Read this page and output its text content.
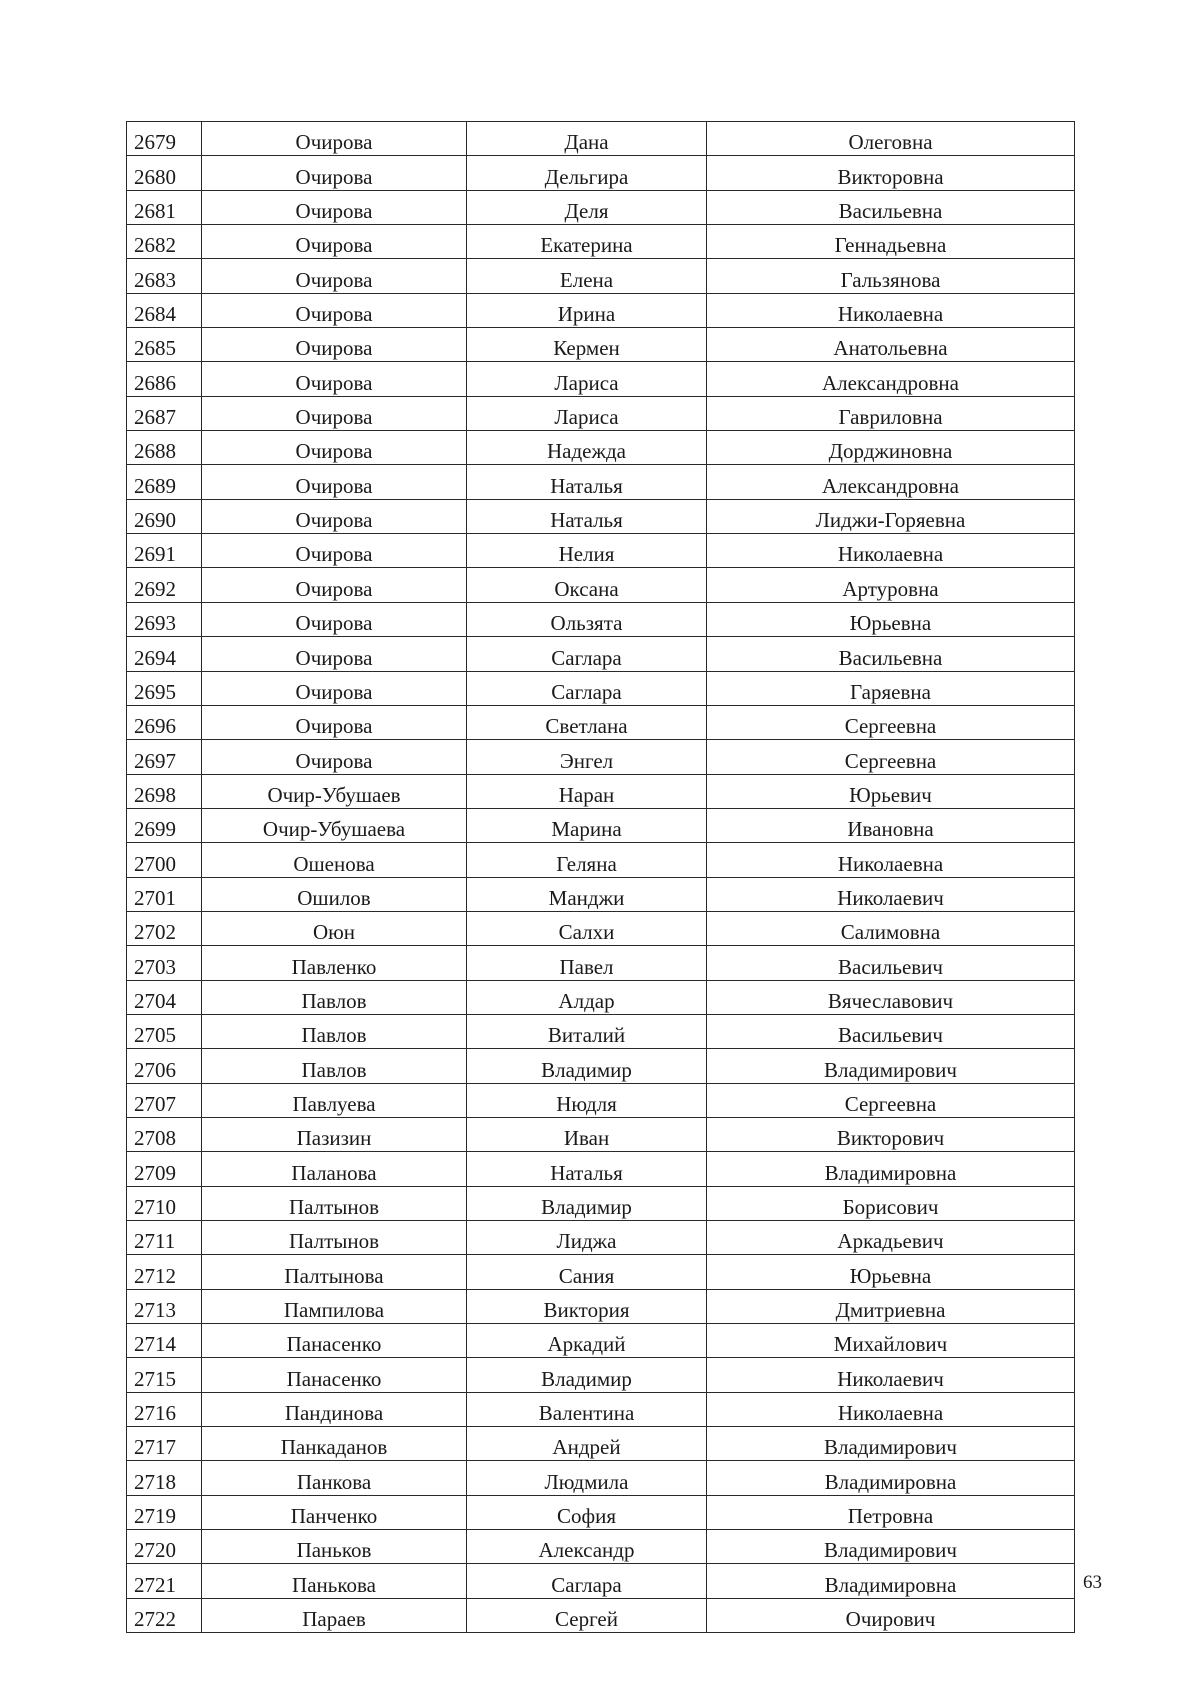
2679	Очирова	Дана	Олеговна
2680	Очирова	Дельгира	Викторовна
2681	Очирова	Деля	Васильевна
2682	Очирова	Екатерина	Геннадьевна
2683	Очирова	Елена	Гальзянова
2684	Очирова	Ирина	Николаевна
2685	Очирова	Кермен	Анатольевна
2686	Очирова	Лариса	Александровна
2687	Очирова	Лариса	Гавриловна
2688	Очирова	Надежда	Дорджиновна
2689	Очирова	Наталья	Александровна
2690	Очирова	Наталья	Лиджи-Горяевна
2691	Очирова	Нелия	Николаевна
2692	Очирова	Оксана	Артуровна
2693	Очирова	Ользята	Юрьевна
2694	Очирова	Саглара	Васильевна
2695	Очирова	Саглара	Гаряевна
2696	Очирова	Светлана	Сергеевна
2697	Очирова	Энгел	Сергеевна
2698	Очир-Убушаев	Наран	Юрьевич
2699	Очир-Убушаева	Марина	Ивановна
2700	Ошенова	Геляна	Николаевна
2701	Ошилов	Манджи	Николаевич
2702	Оюн	Салхи	Салимовна
2703	Павленко	Павел	Васильевич
2704	Павлов	Алдар	Вячеславович
2705	Павлов	Виталий	Васильевич
2706	Павлов	Владимир	Владимирович
2707	Павлуева	Нюдля	Сергеевна
2708	Пазизин	Иван	Викторович
2709	Паланова	Наталья	Владимировна
2710	Палтынов	Владимир	Борисович
2711	Палтынов	Лиджа	Аркадьевич
2712	Палтынова	Сания	Юрьевна
2713	Пампилова	Виктория	Дмитриевна
2714	Панасенко	Аркадий	Михайлович
2715	Панасенко	Владимир	Николаевич
2716	Пандинова	Валентина	Николаевна
2717	Панкаданов	Андрей	Владимирович
2718	Панкова	Людмила	Владимировна
2719	Панченко	София	Петровна
2720	Паньков	Александр	Владимирович
2721	Панькова	Саглара	Владимировна
2722	Параев	Сергей	Очирович
63
